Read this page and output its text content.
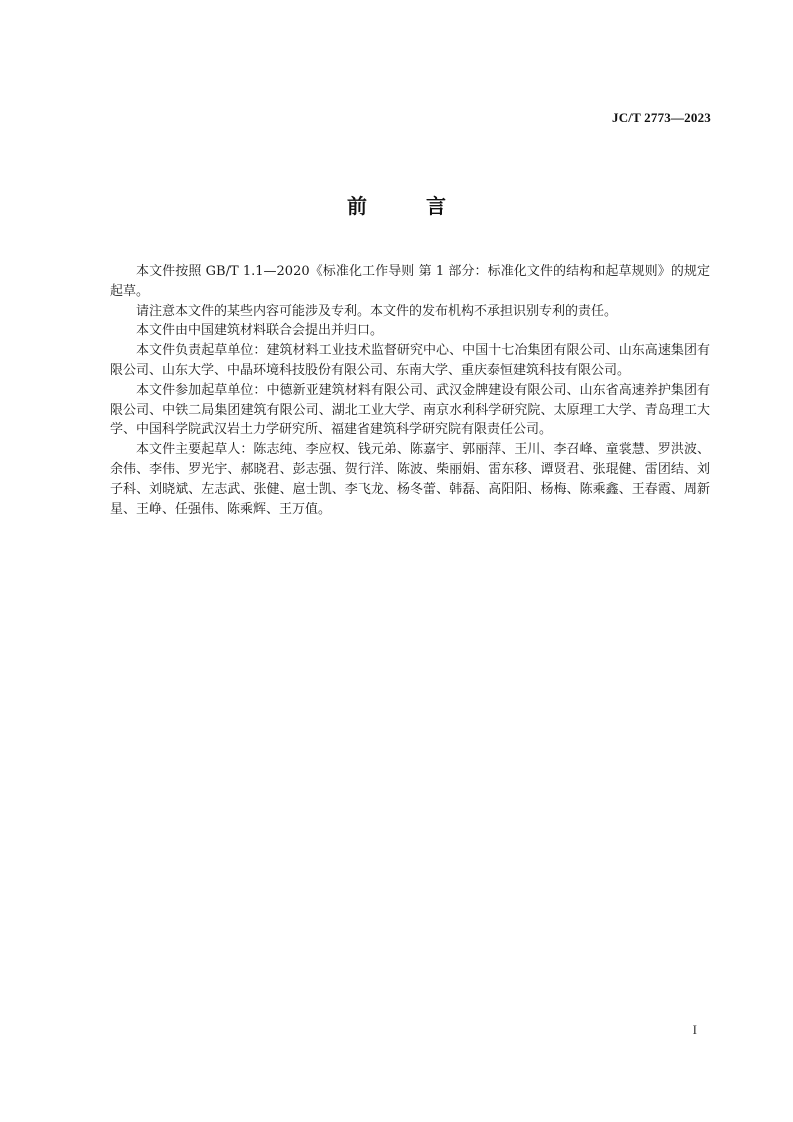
JC/T 2773—2023
前 言

本文件按照 GB/T 1.1—2020《标准化工作导则 第 1 部分：标准化文件的结构和起草规则》的规定起草。

请注意本文件的某些内容可能涉及专利。本文件的发布机构不承担识别专利的责任。

本文件由中国建筑材料联合会提出并归口。

本文件负责起草单位：建筑材料工业技术监督研究中心、中国十七冶集团有限公司、山东高速集团有限公司、山东大学、中晶环境科技股份有限公司、东南大学、重庆泰恒建筑科技有限公司。

本文件参加起草单位：中德新亚建筑材料有限公司、武汉金牌建设有限公司、山东省高速养护集团有限公司、中铁二局集团建筑有限公司、湖北工业大学、南京水利科学研究院、太原理工大学、青岛理工大学、中国科学院武汉岩土力学研究所、福建省建筑科学研究院有限责任公司。

本文件主要起草人：陈志纯、李应权、钱元弟、陈嘉宇、郭丽萍、王川、李召峰、童裳慧、罗洪波、余伟、李伟、罗光宇、郝晓君、彭志强、贺行洋、陈波、柴丽娟、雷东移、谭贤君、张琨健、雷团结、刘子科、刘晓斌、左志武、张健、扈士凯、李飞龙、杨冬蕾、韩磊、高阳阳、杨梅、陈乘鑫、王春霞、周新星、王峥、任强伟、陈乘辉、王万值。

I
